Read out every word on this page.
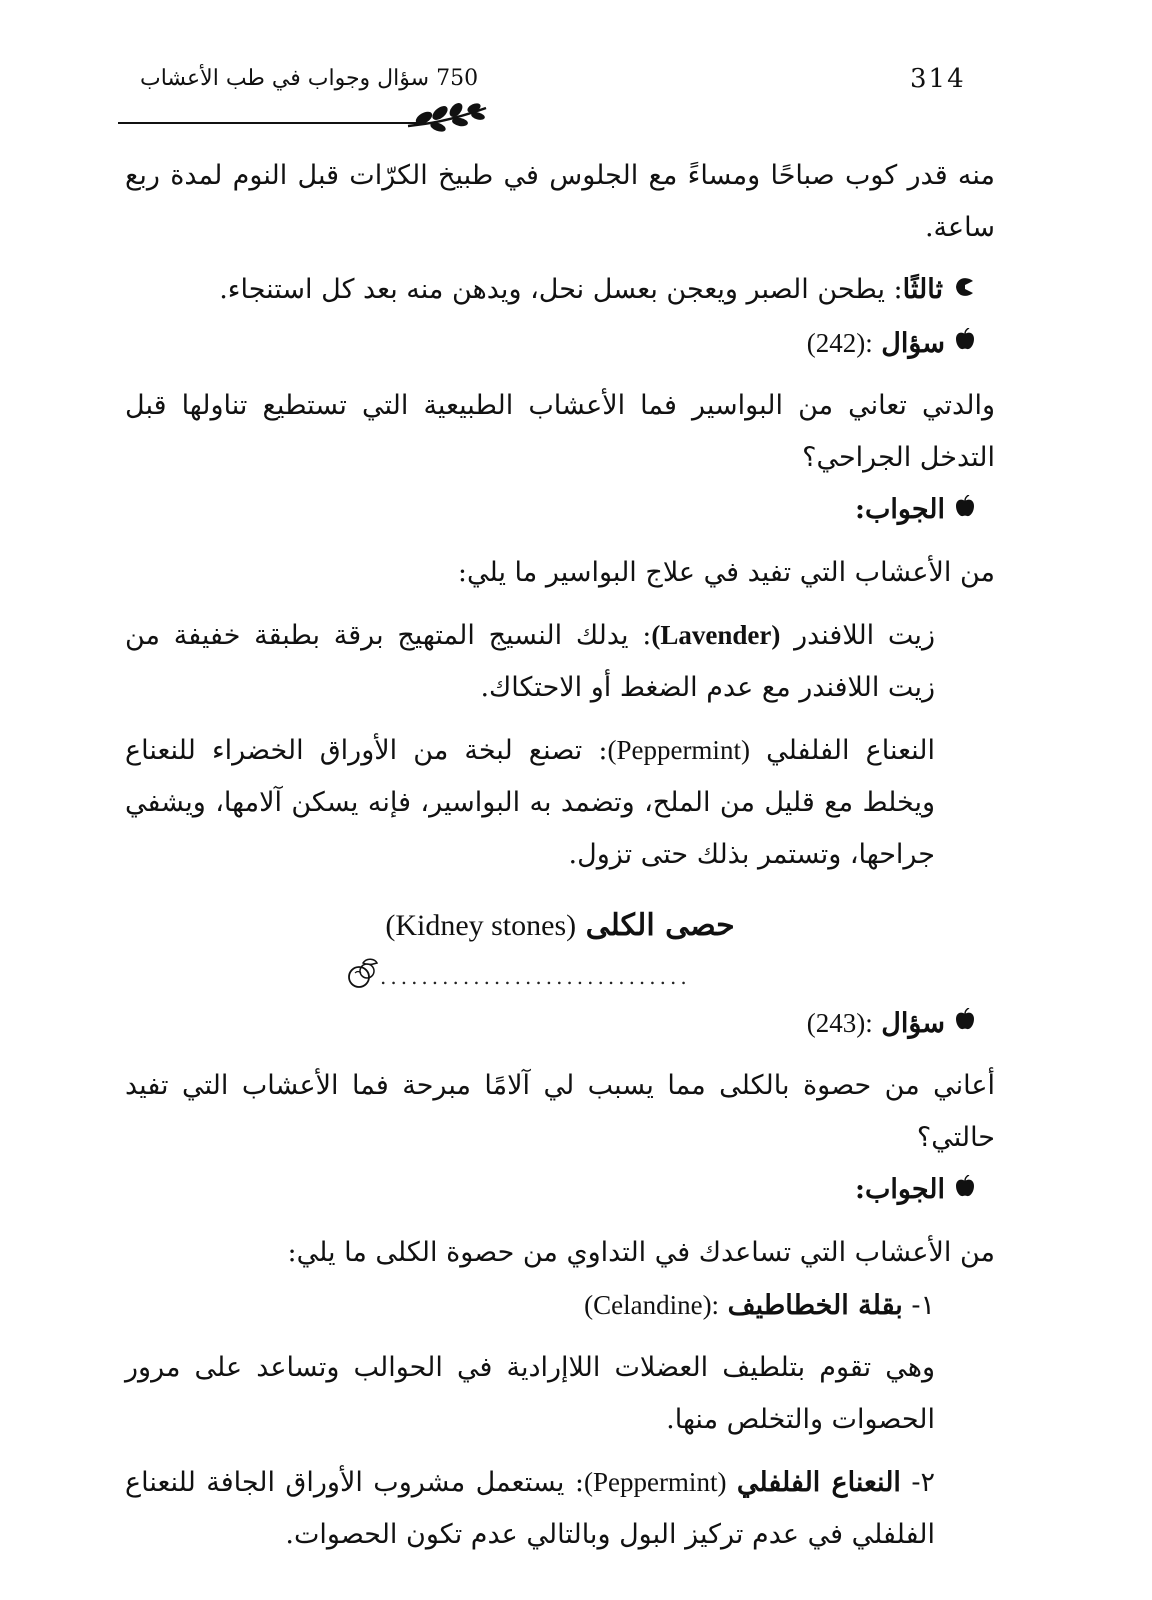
314
750 سؤال وجواب في طب الأعشاب

منه قدر كوب صباحًا ومساءً مع الجلوس في طبيخ الكرّات قبل النوم لمدة ربع ساعة.

ثالثًا: يطحن الصبر ويعجن بعسل نحل، ويدهن منه بعد كل استنجاء.

سؤال (242):

والدتي تعاني من البواسير فما الأعشاب الطبيعية التي تستطيع تناولها قبل التدخل الجراحي؟

الجواب:

من الأعشاب التي تفيد في علاج البواسير ما يلي:

زيت اللافندر (Lavender): يدلك النسيج المتهيج برقة بطبقة خفيفة من زيت اللافندر مع عدم الضغط أو الاحتكاك.

النعناع الفلفلي (Peppermint): تصنع لبخة من الأوراق الخضراء للنعناع ويخلط مع قليل من الملح، وتضمد به البواسير، فإنه يسكن آلامها، ويشفي جراحها، وتستمر بذلك حتى تزول.

حصى الكلى (Kidney stones)

..............................

سؤال (243):

أعاني من حصوة بالكلى مما يسبب لي آلامًا مبرحة فما الأعشاب التي تفيد حالتي؟

الجواب:

من الأعشاب التي تساعدك في التداوي من حصوة الكلى ما يلي:

١- بقلة الخطاطيف (Celandine):

وهي تقوم بتلطيف العضلات اللاإرادية في الحوالب وتساعد على مرور الحصوات والتخلص منها.

٢- النعناع الفلفلي (Peppermint): يستعمل مشروب الأوراق الجافة للنعناع الفلفلي في عدم تركيز البول وبالتالي عدم تكون الحصوات.
